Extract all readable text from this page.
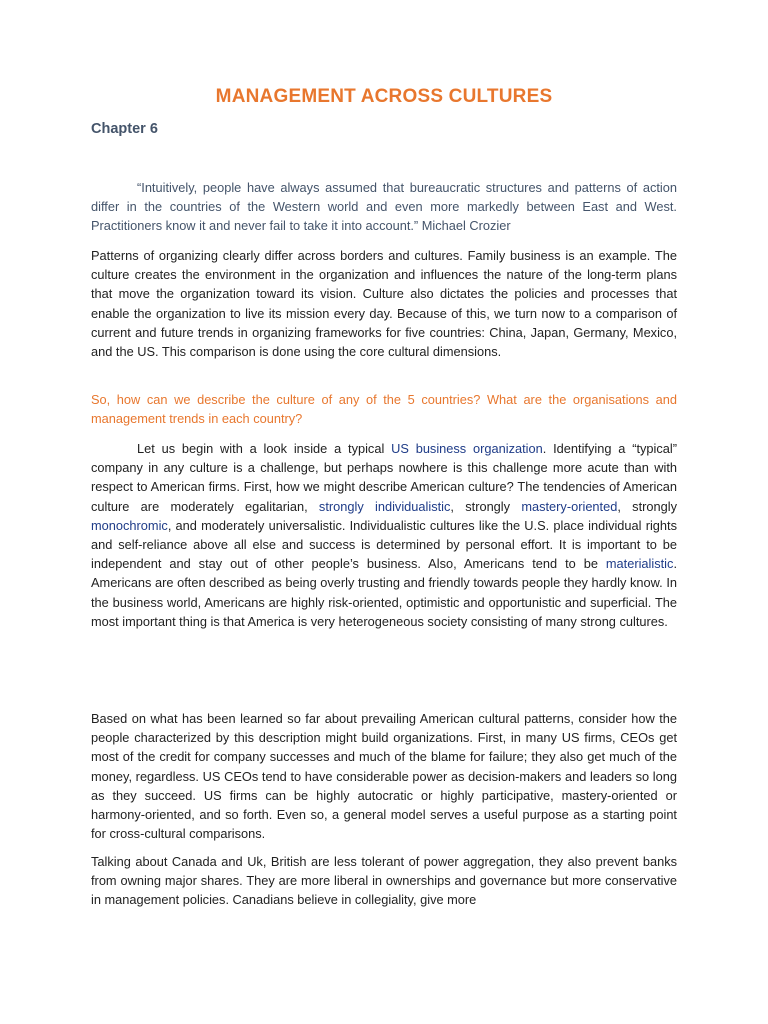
MANAGEMENT ACROSS CULTURES
Chapter 6

“Intuitively, people have always assumed that bureaucratic structures and patterns of action differ in the countries of the Western world and even more markedly between East and West. Practitioners know it and never fail to take it into account.” Michael Crozier

Patterns of organizing clearly differ across borders and cultures. Family business is an example. The culture creates the environment in the organization and influences the nature of the long-term plans that move the organization toward its vision. Culture also dictates the policies and processes that enable the organization to live its mission every day. Because of this, we turn now to a comparison of current and future trends in organizing frameworks for five countries: China, Japan, Germany, Mexico, and the US. This comparison is done using the core cultural dimensions.

So, how can we describe the culture of any of the 5 countries? What are the organisations and management trends in each country?

Let us begin with a look inside a typical US business organization. Identifying a “typical” company in any culture is a challenge, but perhaps nowhere is this challenge more acute than with respect to American firms. First, how we might describe American culture? The tendencies of American culture are moderately egalitarian, strongly individualistic, strongly mastery-oriented, strongly monochromic, and moderately universalistic. Individualistic cultures like the U.S. place individual rights and self-reliance above all else and success is determined by personal effort. It is important to be independent and stay out of other people’s business. Also, Americans tend to be materialistic. Americans are often described as being overly trusting and friendly towards people they hardly know. In the business world, Americans are highly risk-oriented, optimistic and opportunistic and superficial. The most important thing is that America is very heterogeneous society consisting of many strong cultures.

Based on what has been learned so far about prevailing American cultural patterns, consider how the people characterized by this description might build organizations. First, in many US firms, CEOs get most of the credit for company successes and much of the blame for failure; they also get much of the money, regardless. US CEOs tend to have considerable power as decision-makers and leaders so long as they succeed. US firms can be highly autocratic or highly participative, mastery-oriented or harmony-oriented, and so forth. Even so, a general model serves a useful purpose as a starting point for cross-cultural comparisons.

Talking about Canada and Uk, British are less tolerant of power aggregation, they also prevent banks from owning major shares. They are more liberal in ownerships and governance but more conservative in management policies. Canadians believe in collegiality, give more
